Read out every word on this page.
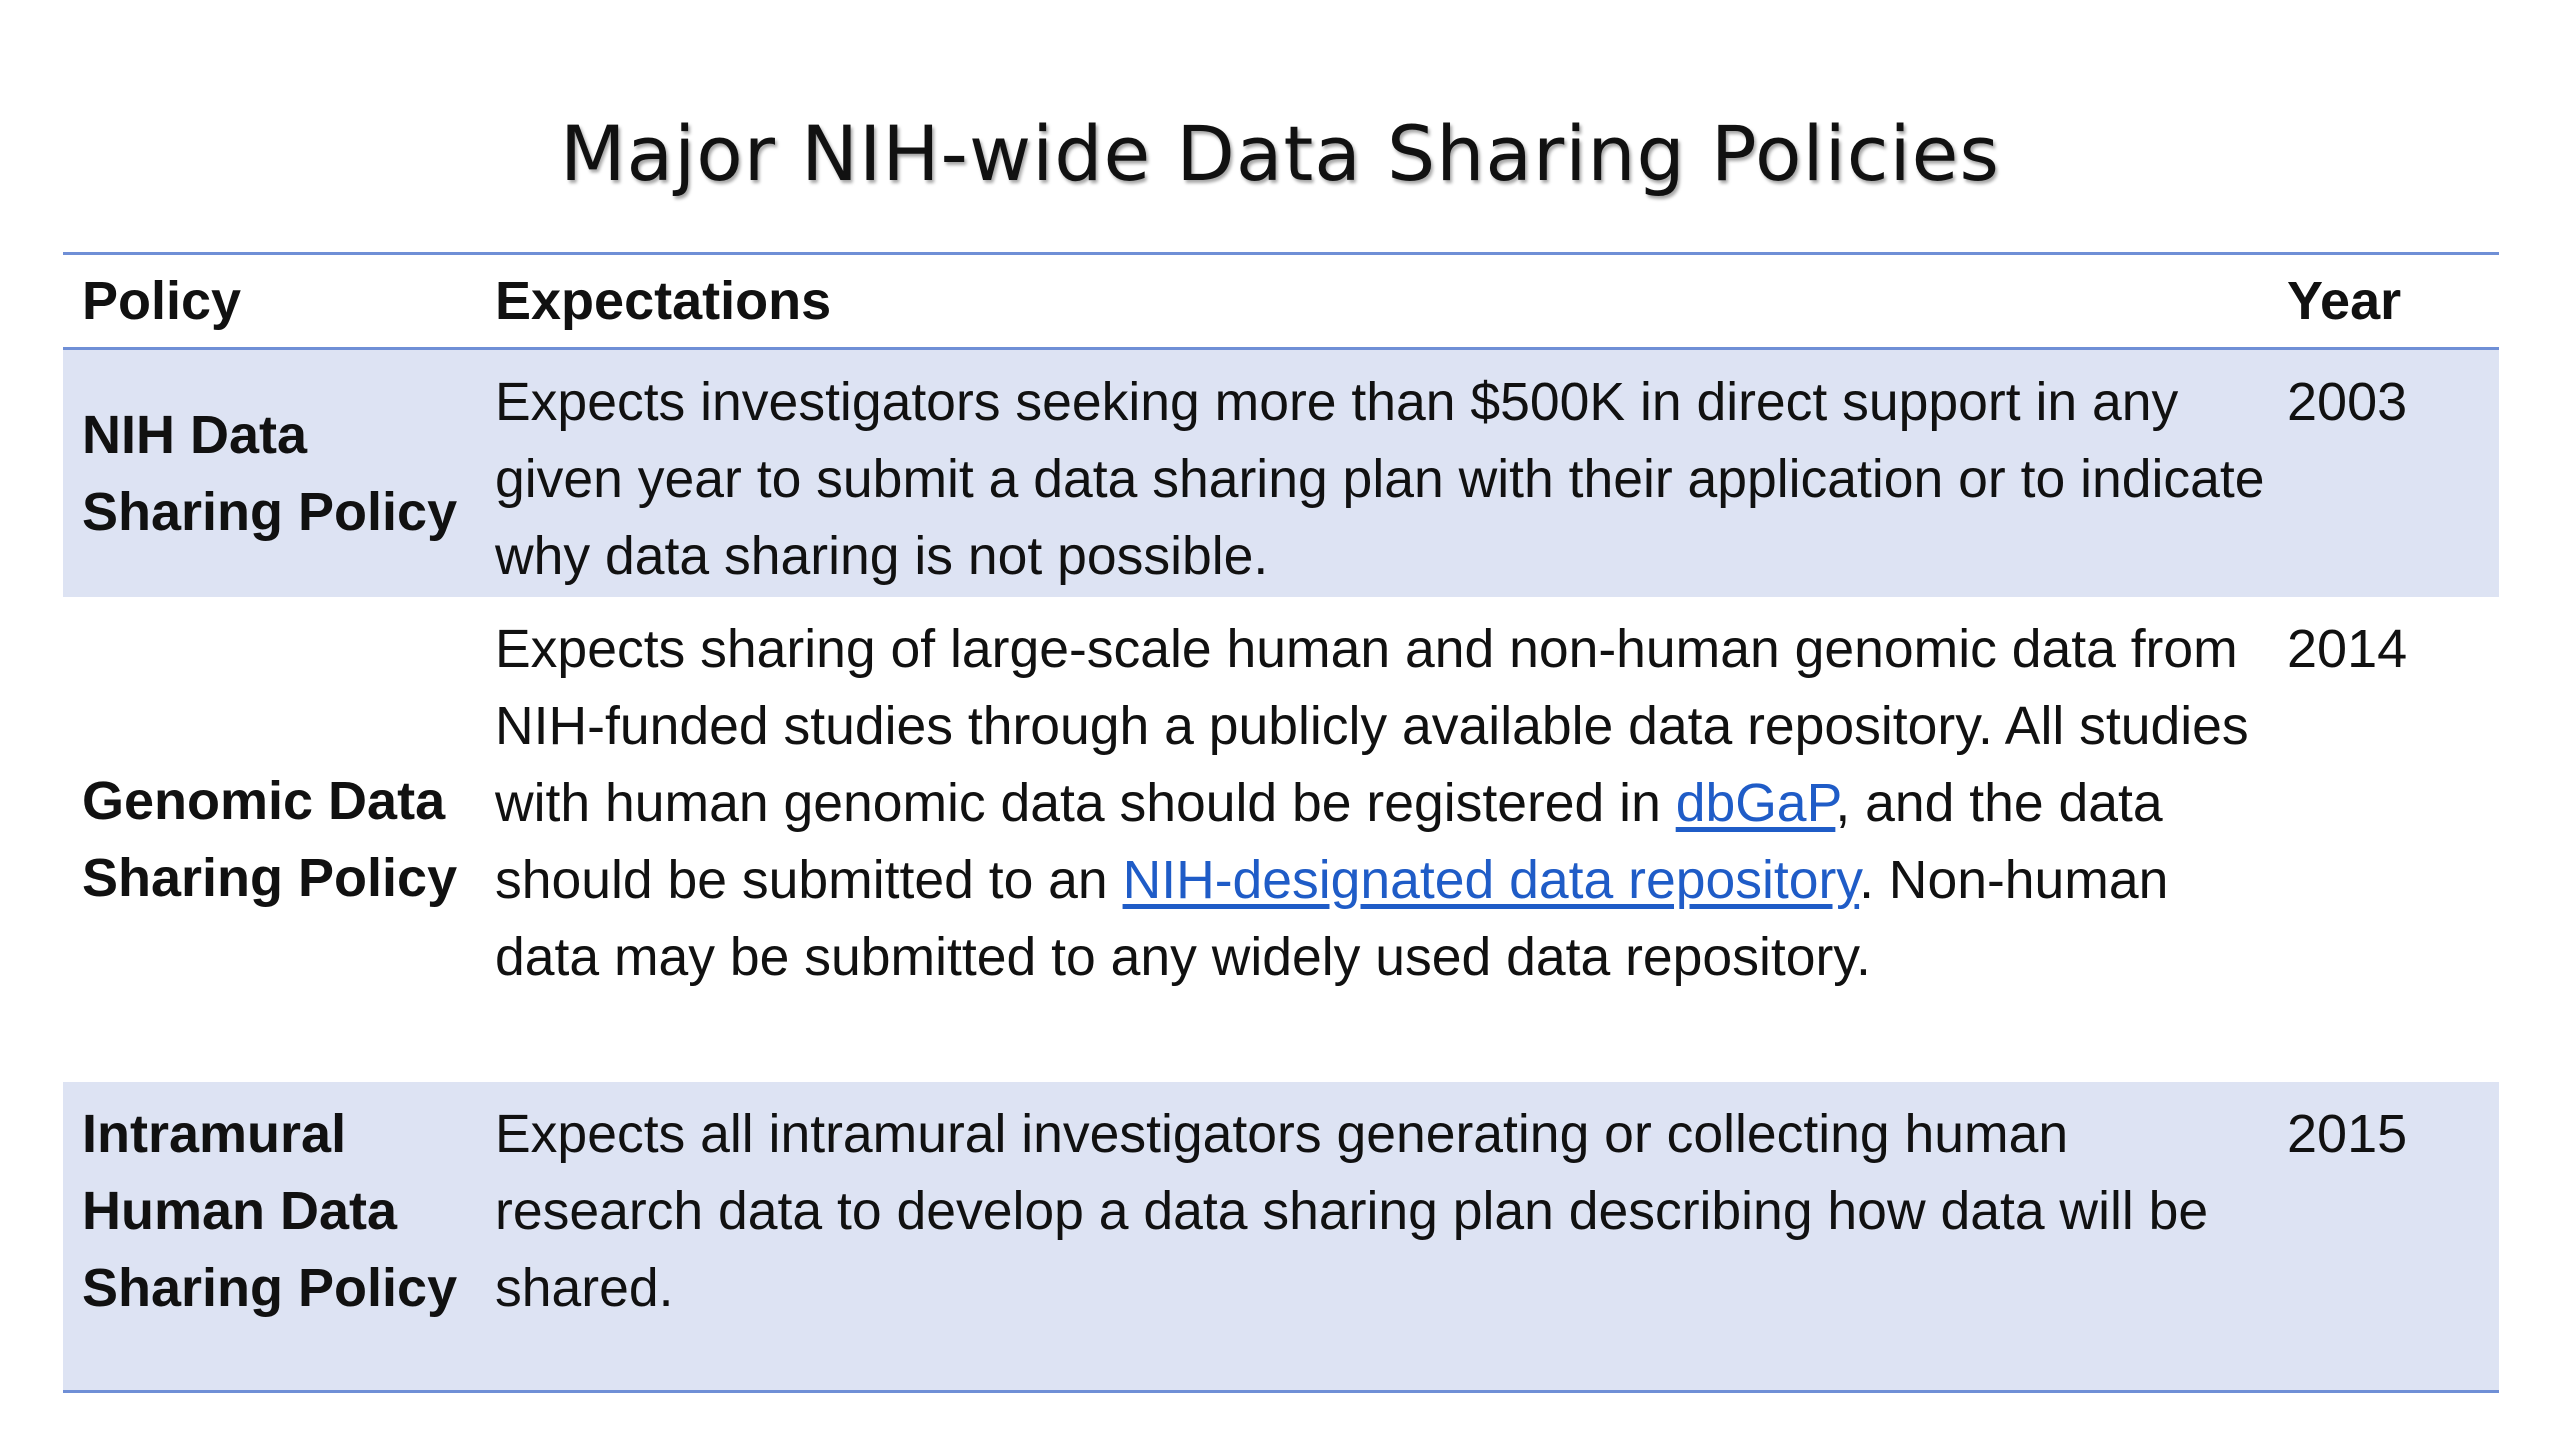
Major NIH-wide Data Sharing Policies
Policy	Expectations	Year
NIH Data Sharing Policy
Expects investigators seeking more than $500K in direct support in any given year to submit a data sharing plan with their application or to indicate why data sharing is not possible.
2003
Genomic Data Sharing Policy
Expects sharing of large-scale human and non-human genomic data from NIH-funded studies through a publicly available data repository. All studies with human genomic data should be registered in dbGaP, and the data should be submitted to an NIH-designated data repository. Non-human data may be submitted to any widely used data repository.
2014
Intramural Human Data Sharing Policy
Expects all intramural investigators generating or collecting human research data to develop a data sharing plan describing how data will be shared.
2015
